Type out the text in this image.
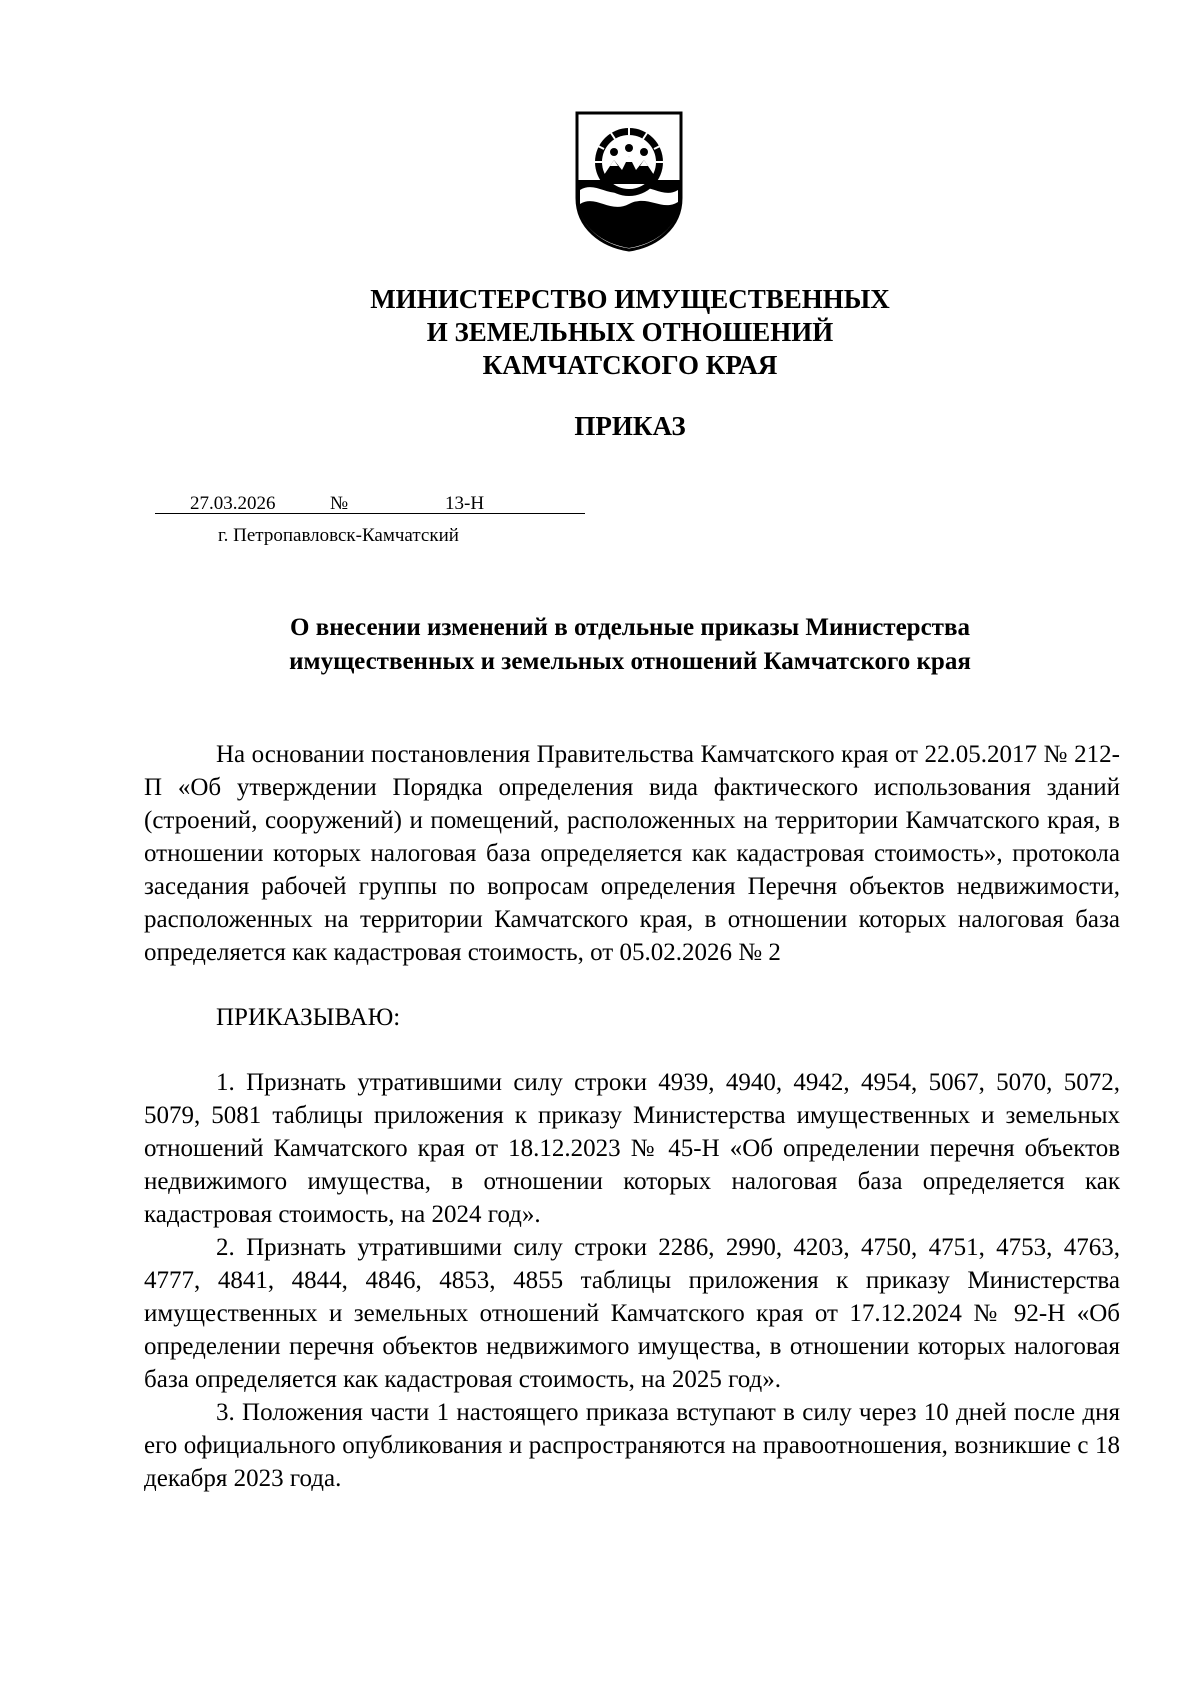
МИНИСТЕРСТВО ИМУЩЕСТВЕННЫХ
И ЗЕМЕЛЬНЫХ ОТНОШЕНИЙ
КАМЧАТСКОГО КРАЯ
ПРИКАЗ
27.03.2026	№	13-Н
г. Петропавловск-Камчатский
О внесении изменений в отдельные приказы Министерства
имущественных и земельных отношений Камчатского края

На основании постановления Правительства Камчатского края от 22.05.2017 № 212-П «Об утверждении Порядка определения вида фактического использования зданий (строений, сооружений) и помещений, расположенных на территории Камчатского края, в отношении которых налоговая база определяется как кадастровая стоимость», протокола заседания рабочей группы по вопросам определения Перечня объектов недвижимости, расположенных на территории Камчатского края, в отношении которых налоговая база определяется как кадастровая стоимость, от 05.02.2026 № 2

ПРИКАЗЫВАЮ:

1. Признать утратившими силу строки 4939, 4940, 4942, 4954, 5067, 5070, 5072, 5079, 5081 таблицы приложения к приказу Министерства имущественных и земельных отношений Камчатского края от 18.12.2023 № 45-Н «Об определении перечня объектов недвижимого имущества, в отношении которых налоговая база определяется как кадастровая стоимость, на 2024 год».

2. Признать утратившими силу строки 2286, 2990, 4203, 4750, 4751, 4753, 4763, 4777, 4841, 4844, 4846, 4853, 4855 таблицы приложения к приказу Министерства имущественных и земельных отношений Камчатского края от 17.12.2024 № 92-Н «Об определении перечня объектов недвижимого имущества, в отношении которых налоговая база определяется как кадастровая стоимость, на 2025 год».

3. Положения части 1 настоящего приказа вступают в силу через 10 дней после дня его официального опубликования и распространяются на правоотношения, возникшие с 18 декабря 2023 года.
